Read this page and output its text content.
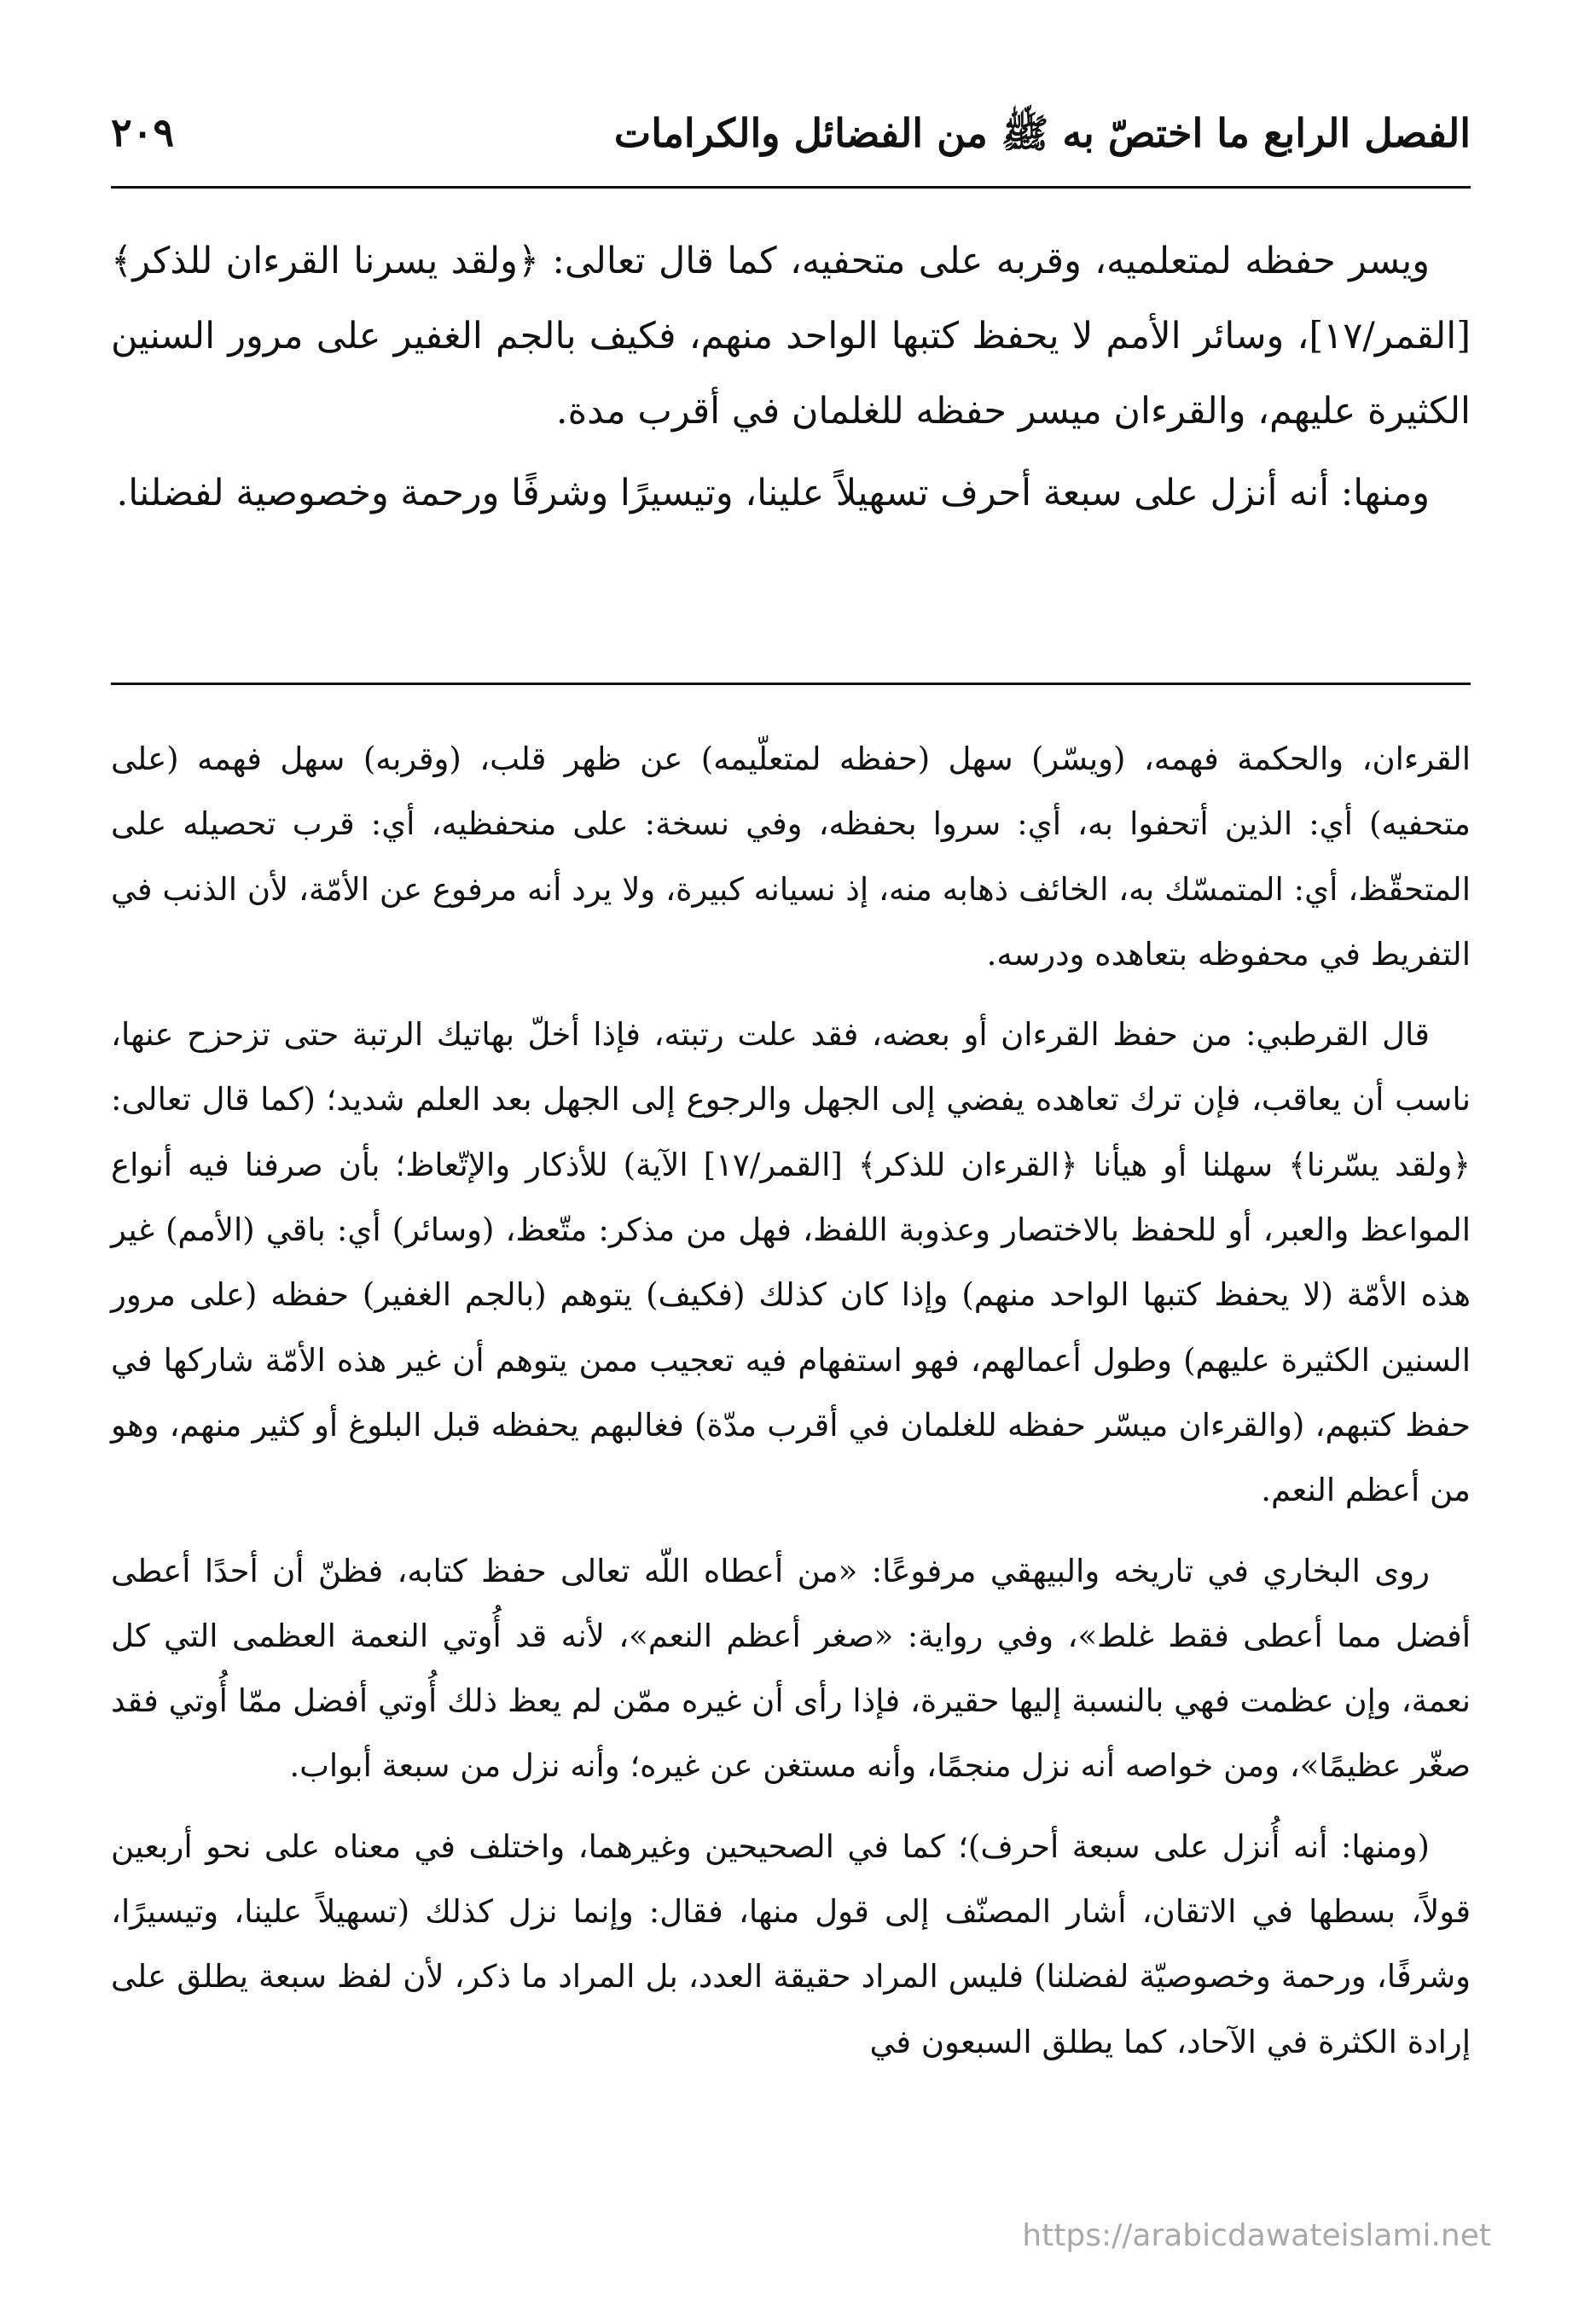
الفصل الرابع ما اختصّ به ﷺ من الفضائل والكرامات
٢٠٩

ويسر حفظه لمتعلميه، وقربه على متحفيه، كما قال تعالى: ﴿ولقد يسرنا القرءان للذكر﴾ [القمر/١٧]، وسائر الأمم لا يحفظ كتبها الواحد منهم، فكيف بالجم الغفير على مرور السنين الكثيرة عليهم، والقرءان ميسر حفظه للغلمان في أقرب مدة.

ومنها: أنه أنزل على سبعة أحرف تسهيلاً علينا، وتيسيرًا وشرفًا ورحمة وخصوصية لفضلنا.

القرءان، والحكمة فهمه، (ويسّر) سهل (حفظه لمتعلّيمه) عن ظهر قلب، (وقربه) سهل فهمه (على متحفيه) أي: الذين أتحفوا به، أي: سروا بحفظه، وفي نسخة: على منحفظيه، أي: قرب تحصيله على المتحقّظ، أي: المتمسّك به، الخائف ذهابه منه، إذ نسيانه كبيرة، ولا يرد أنه مرفوع عن الأمّة، لأن الذنب في التفريط في محفوظه بتعاهده ودرسه.

قال القرطبي: من حفظ القرءان أو بعضه، فقد علت رتبته، فإذا أخلّ بهاتيك الرتبة حتى تزحزح عنها، ناسب أن يعاقب، فإن ترك تعاهده يفضي إلى الجهل والرجوع إلى الجهل بعد العلم شديد؛ (كما قال تعالى: ﴿ولقد يسّرنا﴾ سهلنا أو هيأنا ﴿القرءان للذكر﴾ [القمر/١٧] الآية) للأذكار والإتّعاظ؛ بأن صرفنا فيه أنواع المواعظ والعبر، أو للحفظ بالاختصار وعذوبة اللفظ، فهل من مذكر: متّعظ، (وسائر) أي: باقي (الأمم) غير هذه الأمّة (لا يحفظ كتبها الواحد منهم) وإذا كان كذلك (فكيف) يتوهم (بالجم الغفير) حفظه (على مرور السنين الكثيرة عليهم) وطول أعمالهم، فهو استفهام فيه تعجيب ممن يتوهم أن غير هذه الأمّة شاركها في حفظ كتبهم، (والقرءان ميسّر حفظه للغلمان في أقرب مدّة) فغالبهم يحفظه قبل البلوغ أو كثير منهم، وهو من أعظم النعم.

روى البخاري في تاريخه والبيهقي مرفوعًا: «من أعطاه اللّه تعالى حفظ كتابه، فظنّ أن أحدًا أعطى أفضل مما أعطى فقط غلط»، وفي رواية: «صغر أعظم النعم»، لأنه قد أُوتي النعمة العظمى التي كل نعمة، وإن عظمت فهي بالنسبة إليها حقيرة، فإذا رأى أن غيره ممّن لم يعظ ذلك أُوتي أفضل ممّا أُوتي فقد صغّر عظيمًا»، ومن خواصه أنه نزل منجمًا، وأنه مستغن عن غيره؛ وأنه نزل من سبعة أبواب.

(ومنها: أنه أُنزل على سبعة أحرف)؛ كما في الصحيحين وغيرهما، واختلف في معناه على نحو أربعين قولاً، بسطها في الاتقان، أشار المصنّف إلى قول منها، فقال: وإنما نزل كذلك (تسهيلاً علينا، وتيسيرًا، وشرفًا، ورحمة وخصوصيّة لفضلنا) فليس المراد حقيقة العدد، بل المراد ما ذكر، لأن لفظ سبعة يطلق على إرادة الكثرة في الآحاد، كما يطلق السبعون في

https://arabicdawateislami.net
